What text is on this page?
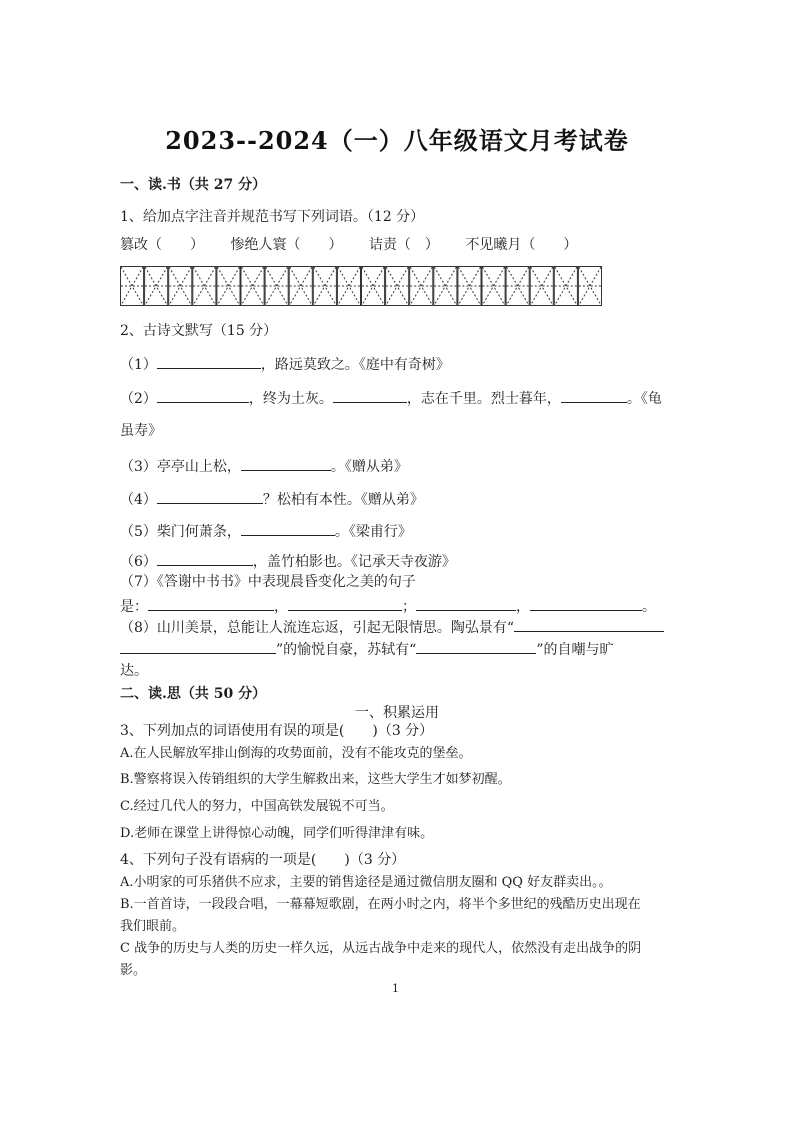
2023--2024（一）八年级语文月考试卷
一、读.书（共 27 分）
1、给加点字注音并规范书写下列词语。（12 分）
篡改（　　） 惨绝人寰（　　） 诘责（　） 不见曦月（　　）
2、古诗文默写（15 分）
（1）	，路远莫致之。《庭中有奇树》
（2）	，终为土灰。	，志在千里。烈士暮年，	。《龟
虽寿》
（3）亭亭山上松，	。《赠从弟》
（4）	？松柏有本性。《赠从弟》
（5）柴门何萧条，	。《梁甫行》
（6）	，盖竹柏影也。《记承天寺夜游》
（7）《答谢中书书》中表现晨昏变化之美的句子
是：	，	；	，	。
（8）山川美景，总能让人流连忘返，引起无限情思。陶弘景有“
”的愉悦自豪，苏轼有“	”的自嘲与旷
达。
二、读.思（共 50 分）
一、积累运用
3、下列加点的词语使用有误的项是(　　)（3 分）
A.在人民解放军排山倒海的攻势面前，没有不能攻克的堡垒。
B.警察将误入传销组织的大学生解救出来，这些大学生才如梦初醒。
C.经过几代人的努力，中国高铁发展锐不可当。
D.老师在课堂上讲得惊心动魄，同学们听得津津有味。
4、下列句子没有语病的一项是(　　)（3 分）
A.小明家的可乐猪供不应求，主要的销售途径是通过微信朋友圈和 QQ 好友群卖出。。
B.一首首诗，一段段合唱，一幕幕短歌剧，在两小时之内，将半个多世纪的残酷历史出现在
我们眼前。
C 战争的历史与人类的历史一样久远，从远古战争中走来的现代人，依然没有走出战争的阴
影。
1
